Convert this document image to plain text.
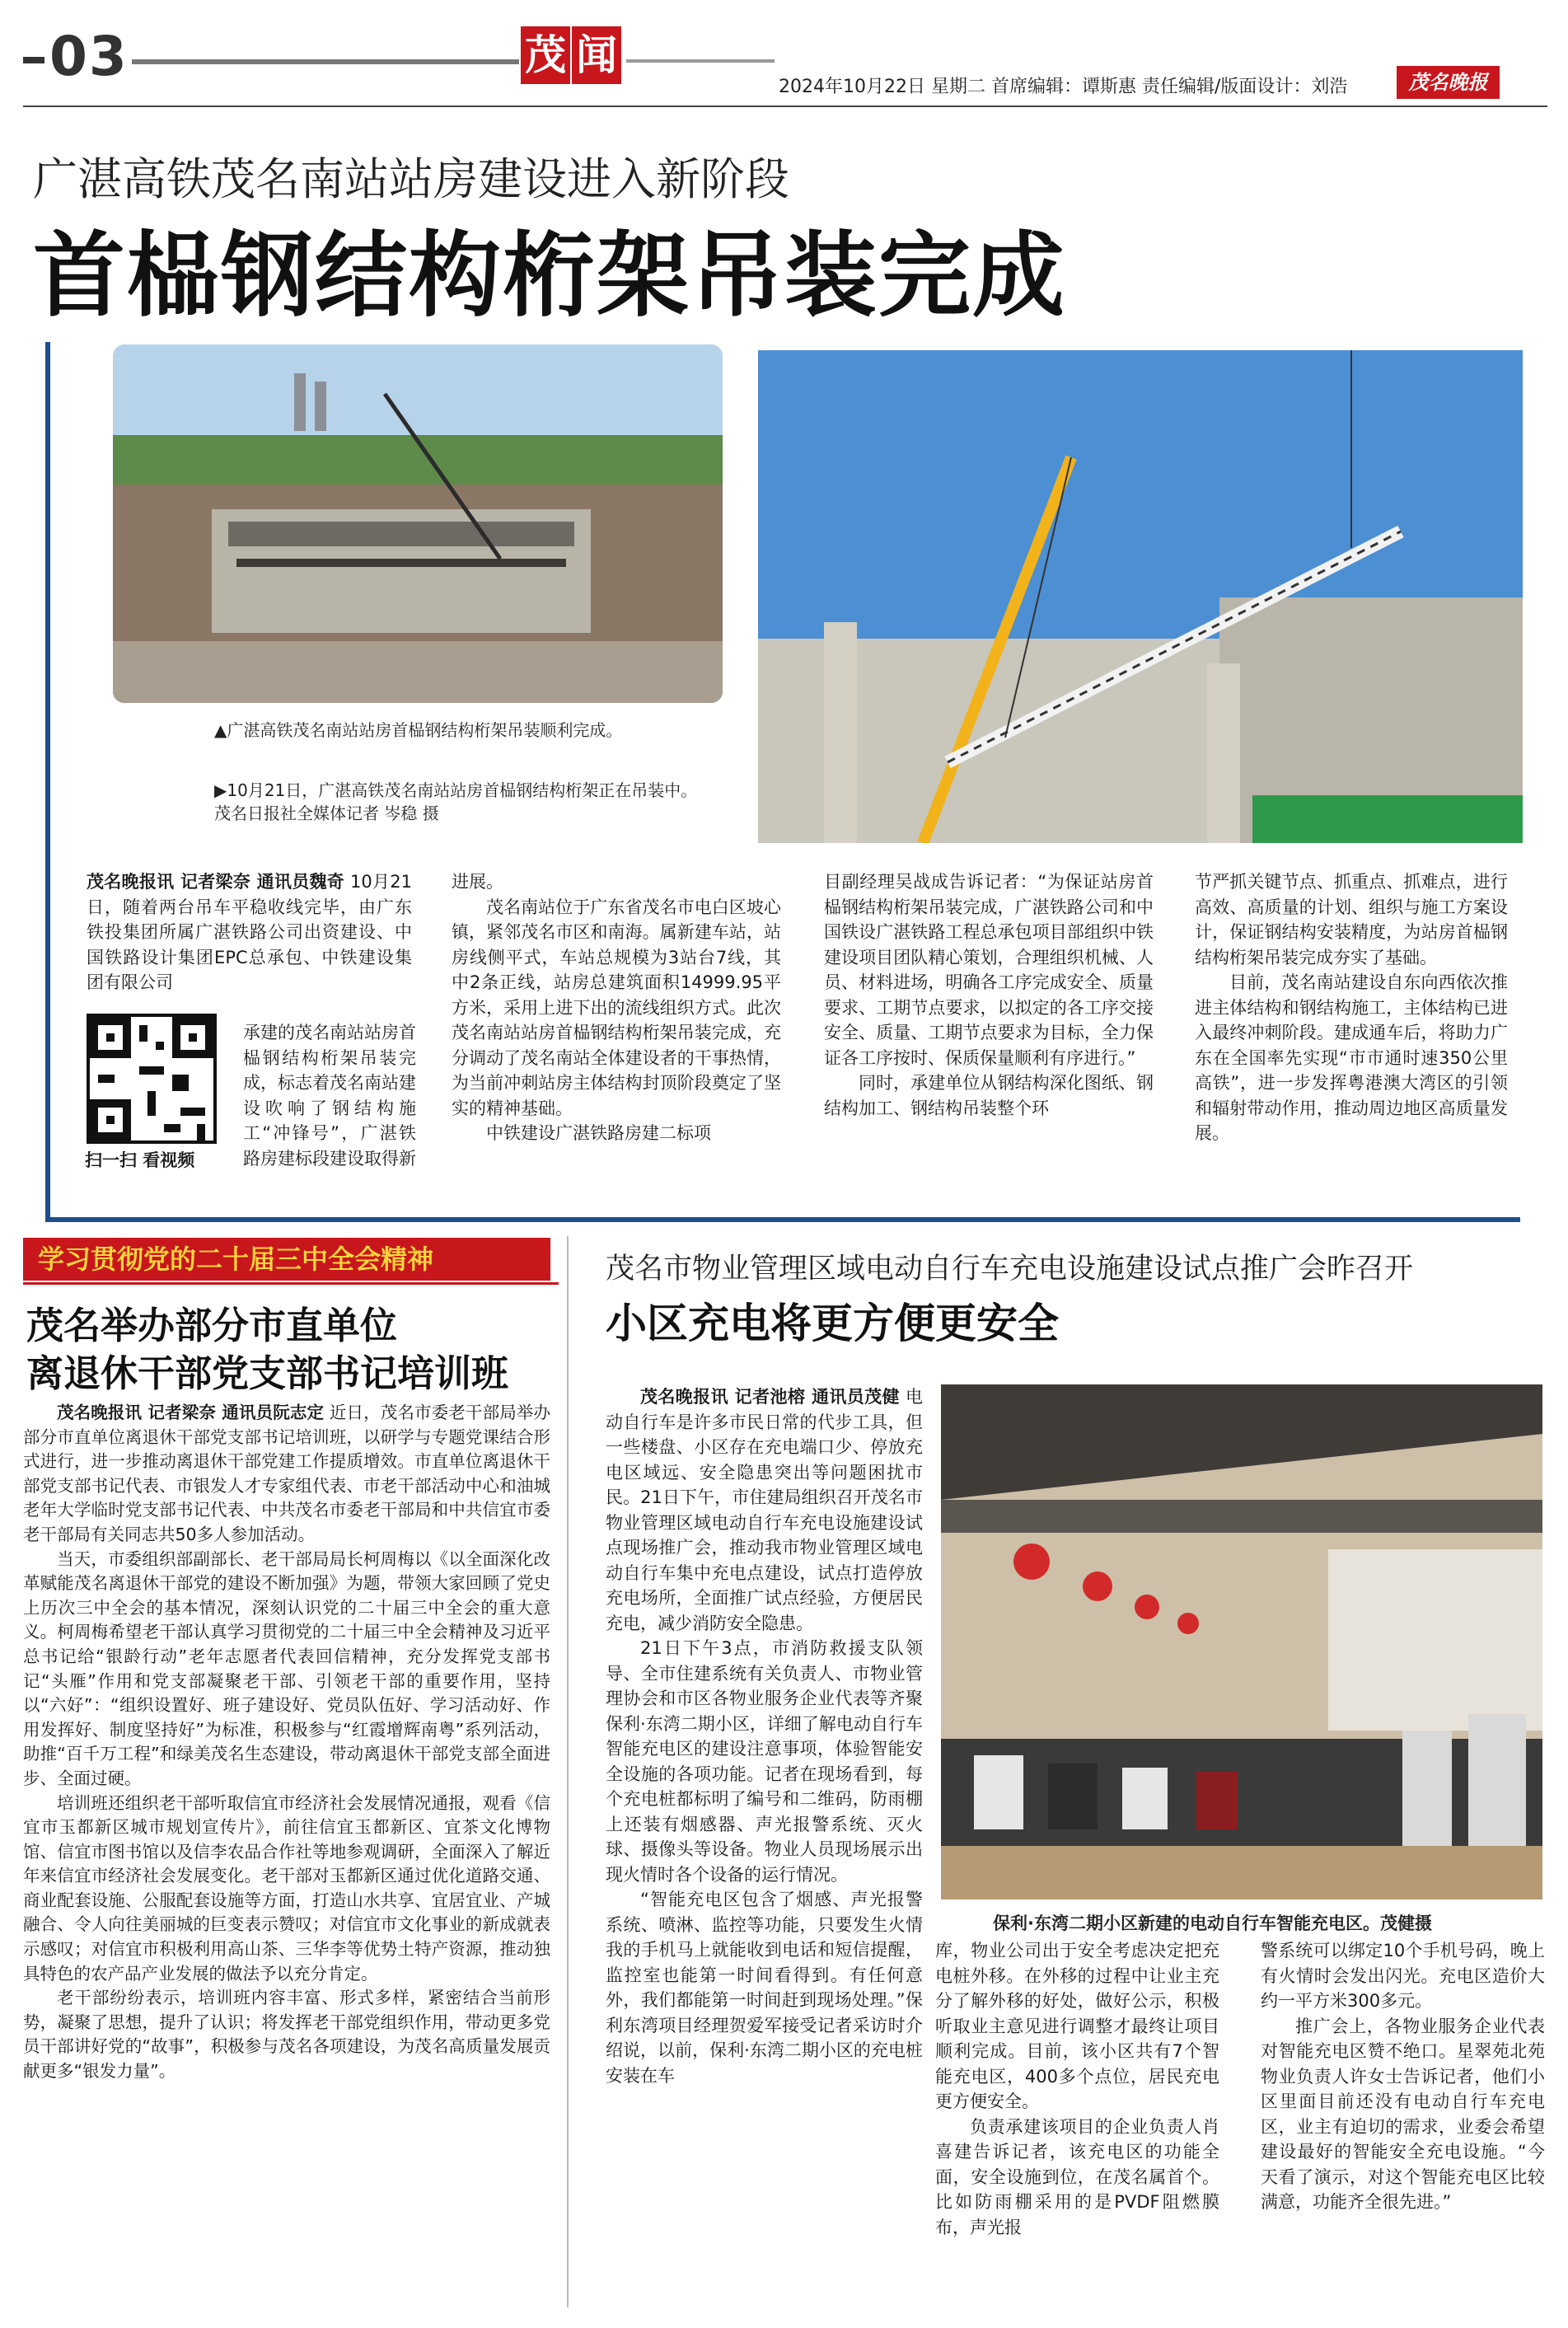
03	茂 闻
2024年10月22日 星期二 首席编辑：谭斯惠 责任编辑/版面设计：刘浩	茂名晚报
广湛高铁茂名南站站房建设进入新阶段
首榀钢结构桁架吊装完成
▲广湛高铁茂名南站站房首榀钢结构桁架吊装顺利完成。
▶10月21日，广湛高铁茂名南站站房首榀钢结构桁架正在吊装中。茂名日报社全媒体记者 岑稳 摄

茂名晚报讯 记者梁奈 通讯员魏奇 10月21日，随着两台吊车平稳收线完毕，由广东铁投集团所属广湛铁路公司出资建设、中国铁路设计集团EPC总承包、中铁建设集团有限公司

扫一扫 看视频

承建的茂名南站站房首榀钢结构桁架吊装完成，标志着茂名南站建设吹响了钢结构施工“冲锋号”，广湛铁路房建标段建设取得新

进展。

茂名南站位于广东省茂名市电白区坡心镇，紧邻茂名市区和南海。属新建车站，站房线侧平式，车站总规模为3站台7线，其中2条正线，站房总建筑面积14999.95平方米，采用上进下出的流线组织方式。此次茂名南站站房首榀钢结构桁架吊装完成，充分调动了茂名南站全体建设者的干事热情，为当前冲刺站房主体结构封顶阶段奠定了坚实的精神基础。

中铁建设广湛铁路房建二标项

目副经理吴战成告诉记者：“为保证站房首榀钢结构桁架吊装完成，广湛铁路公司和中国铁设广湛铁路工程总承包项目部组织中铁建设项目团队精心策划，合理组织机械、人员、材料进场，明确各工序完成安全、质量要求、工期节点要求，以拟定的各工序交接安全、质量、工期节点要求为目标，全力保证各工序按时、保质保量顺利有序进行。”

同时，承建单位从钢结构深化图纸、钢结构加工、钢结构吊装整个环

节严抓关键节点、抓重点、抓难点，进行高效、高质量的计划、组织与施工方案设计，保证钢结构安装精度，为站房首榀钢结构桁架吊装完成夯实了基础。

目前，茂名南站建设自东向西依次推进主体结构和钢结构施工，主体结构已进入最终冲刺阶段。建成通车后，将助力广东在全国率先实现“市市通时速350公里高铁”，进一步发挥粤港澳大湾区的引领和辐射带动作用，推动周边地区高质量发展。

学习贯彻党的二十届三中全会精神
茂名举办部分市直单位
离退休干部党支部书记培训班

茂名晚报讯 记者梁奈 通讯员阮志定 近日，茂名市委老干部局举办部分市直单位离退休干部党支部书记培训班，以研学与专题党课结合形式进行，进一步推动离退休干部党建工作提质增效。市直单位离退休干部党支部书记代表、市银发人才专家组代表、市老干部活动中心和油城老年大学临时党支部书记代表、中共茂名市委老干部局和中共信宜市委老干部局有关同志共50多人参加活动。

当天，市委组织部副部长、老干部局局长柯周梅以《以全面深化改革赋能茂名离退休干部党的建设不断加强》为题，带领大家回顾了党史上历次三中全会的基本情况，深刻认识党的二十届三中全会的重大意义。柯周梅希望老干部认真学习贯彻党的二十届三中全会精神及习近平总书记给“银龄行动”老年志愿者代表回信精神，充分发挥党支部书记“头雁”作用和党支部凝聚老干部、引领老干部的重要作用，坚持以“六好”：“组织设置好、班子建设好、党员队伍好、学习活动好、作用发挥好、制度坚持好”为标准，积极参与“红霞增辉南粤”系列活动，助推“百千万工程”和绿美茂名生态建设，带动离退休干部党支部全面进步、全面过硬。

培训班还组织老干部听取信宜市经济社会发展情况通报，观看《信宜市玉都新区城市规划宣传片》，前往信宜玉都新区、宜茶文化博物馆、信宜市图书馆以及信李农品合作社等地参观调研，全面深入了解近年来信宜市经济社会发展变化。老干部对玉都新区通过优化道路交通、商业配套设施、公服配套设施等方面，打造山水共享、宜居宜业、产城融合、令人向往美丽城的巨变表示赞叹；对信宜市文化事业的新成就表示感叹；对信宜市积极利用高山茶、三华李等优势土特产资源，推动独具特色的农产品产业发展的做法予以充分肯定。

老干部纷纷表示，培训班内容丰富、形式多样，紧密结合当前形势，凝聚了思想，提升了认识；将发挥老干部党组织作用，带动更多党员干部讲好党的“故事”，积极参与茂名各项建设，为茂名高质量发展贡献更多“银发力量”。

茂名市物业管理区域电动自行车充电设施建设试点推广会昨召开
小区充电将更方便更安全

茂名晚报讯 记者池榕 通讯员茂健 电动自行车是许多市民日常的代步工具，但一些楼盘、小区存在充电端口少、停放充电区域远、安全隐患突出等问题困扰市民。21日下午，市住建局组织召开茂名市物业管理区域电动自行车充电设施建设试点现场推广会，推动我市物业管理区域电动自行车集中充电点建设，试点打造停放充电场所，全面推广试点经验，方便居民充电，减少消防安全隐患。

21日下午3点，市消防救援支队领导、全市住建系统有关负责人、市物业管理协会和市区各物业服务企业代表等齐聚保利·东湾二期小区，详细了解电动自行车智能充电区的建设注意事项，体验智能安全设施的各项功能。记者在现场看到，每个充电桩都标明了编号和二维码，防雨棚上还装有烟感器、声光报警系统、灭火球、摄像头等设备。物业人员现场展示出现火情时各个设备的运行情况。

“智能充电区包含了烟感、声光报警系统、喷淋、监控等功能，只要发生火情我的手机马上就能收到电话和短信提醒，监控室也能第一时间看得到。有任何意外，我们都能第一时间赶到现场处理。”保利东湾项目经理贺爱军接受记者采访时介绍说，以前，保利·东湾二期小区的充电桩安装在车

保利·东湾二期小区新建的电动自行车智能充电区。茂健摄

库，物业公司出于安全考虑决定把充电桩外移。在外移的过程中让业主充分了解外移的好处，做好公示，积极听取业主意见进行调整才最终让项目顺利完成。目前，该小区共有7个智能充电区，400多个点位，居民充电更方便安全。

负责承建该项目的企业负责人肖喜建告诉记者，该充电区的功能全面，安全设施到位，在茂名属首个。比如防雨棚采用的是PVDF阻燃膜布，声光报

警系统可以绑定10个手机号码，晚上有火情时会发出闪光。充电区造价大约一平方米300多元。

推广会上，各物业服务企业代表对智能充电区赞不绝口。星翠苑北苑物业负责人许女士告诉记者，他们小区里面目前还没有电动自行车充电区，业主有迫切的需求，业委会希望建设最好的智能安全充电设施。“今天看了演示，对这个智能充电区比较满意，功能齐全很先进。”
